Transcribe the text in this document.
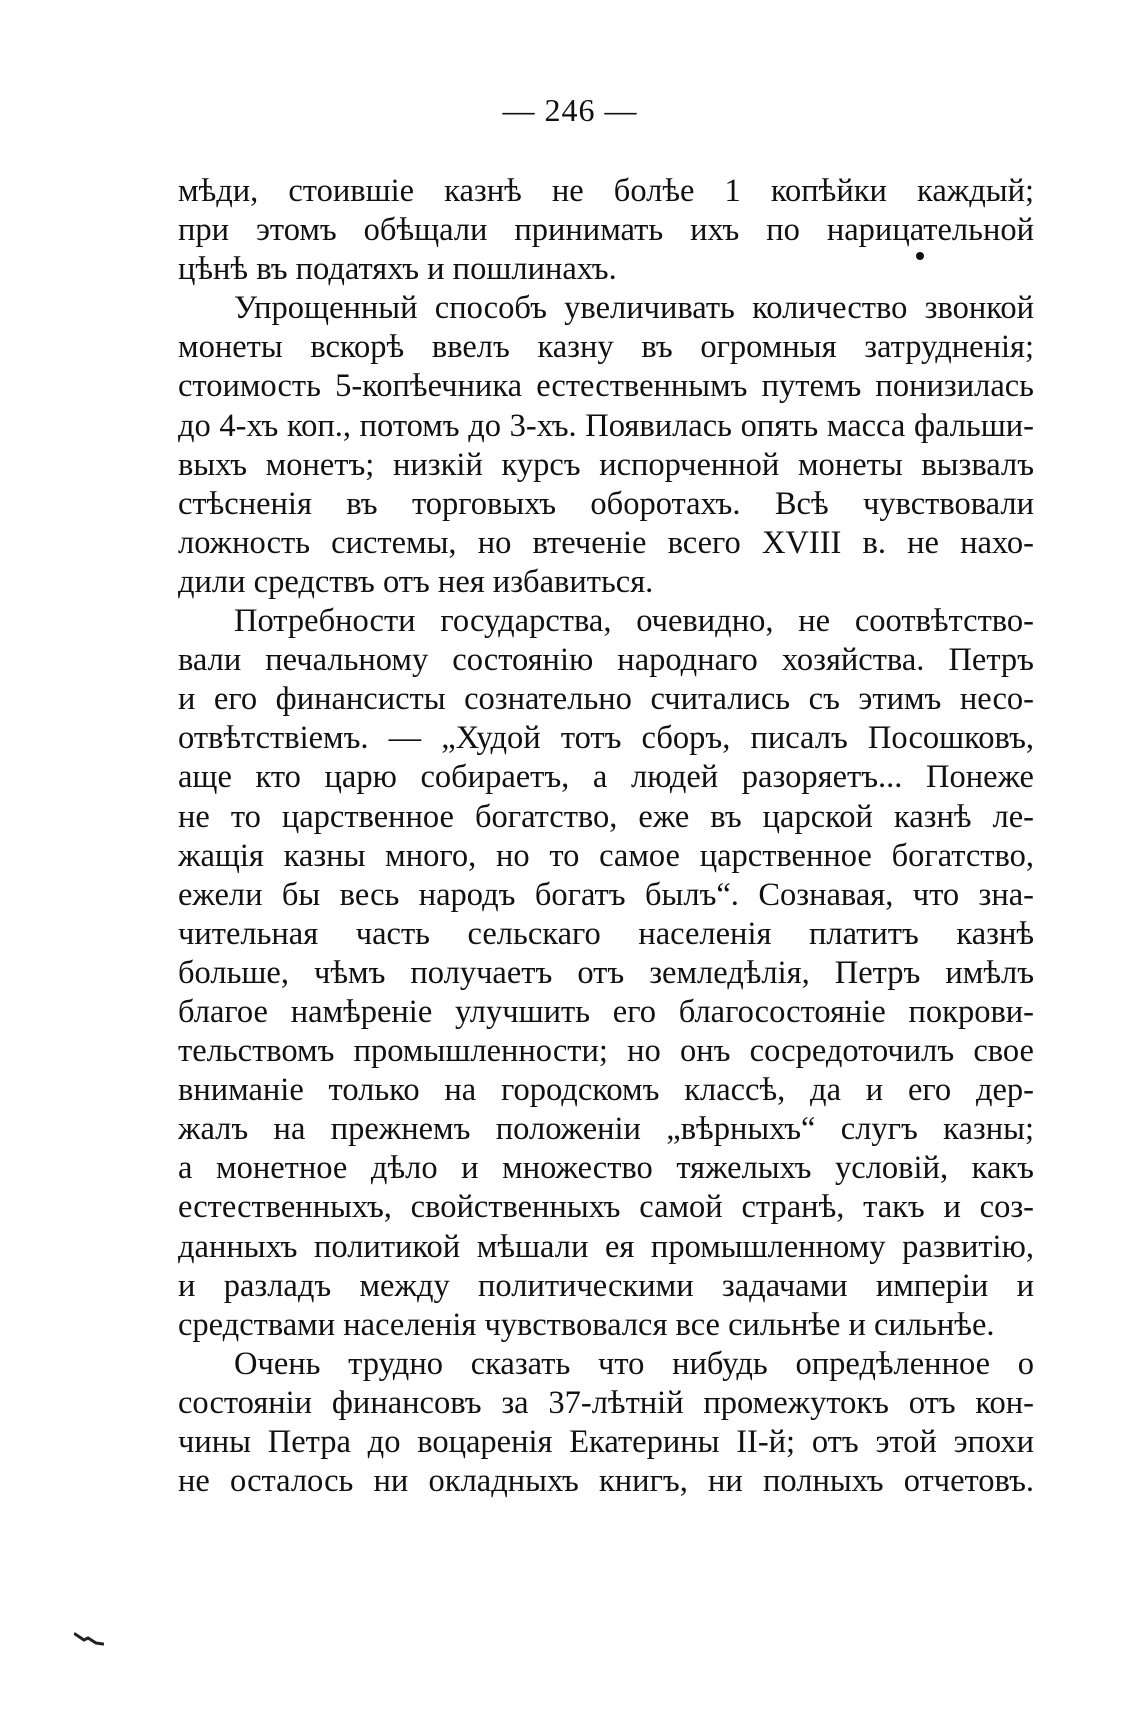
— 246 —
мѣди, стоившіе казнѣ не болѣе 1 копѣйки каждый;
при этомъ обѣщали принимать ихъ по нарицательной
цѣнѣ въ податяхъ и пошлинахъ.
Упрощенный способъ увеличивать количество звонкой
монеты вскорѣ ввелъ казну въ огромныя затрудненія;
стоимость 5-копѣечника естественнымъ путемъ понизилась
до 4-хъ коп., потомъ до 3-хъ. Появилась опять масса фальши-
выхъ монетъ; низкій курсъ испорченной монеты вызвалъ
стѣсненія въ торговыхъ оборотахъ. Всѣ чувствовали
ложность системы, но втеченіе всего XVIII в. не нахо-
дили средствъ отъ нея избавиться.
Потребности государства, очевидно, не соотвѣтство-
вали печальному состоянію народнаго хозяйства. Петръ
и его финансисты сознательно считались съ этимъ несо-
отвѣтствіемъ. — „Худой тотъ сборъ, писалъ Посошковъ,
аще кто царю собираетъ, а людей разоряетъ... Понеже
не то царственное богатство, еже въ царской казнѣ ле-
жащія казны много, но то самое царственное богатство,
ежели бы весь народъ богатъ былъ“. Сознавая, что зна-
чительная часть сельскаго населенія платитъ казнѣ
больше, чѣмъ получаетъ отъ земледѣлія, Петръ имѣлъ
благое намѣреніе улучшить его благосостояніе покрови-
тельствомъ промышленности; но онъ сосредоточилъ свое
вниманіе только на городскомъ классѣ, да и его дер-
жалъ на прежнемъ положеніи „вѣрныхъ“ слугъ казны;
а монетное дѣло и множество тяжелыхъ условій, какъ
естественныхъ, свойственныхъ самой странѣ, такъ и соз-
данныхъ политикой мѣшали ея промышленному развитію,
и разладъ между политическими задачами имперіи и
средствами населенія чувствовался все сильнѣе и сильнѣе.
Очень трудно сказать что нибудь опредѣленное о
состояніи финансовъ за 37-лѣтній промежутокъ отъ кон-
чины Петра до воцаренія Екатерины II-й; отъ этой эпохи
не осталось ни окладныхъ книгъ, ни полныхъ отчетовъ.
